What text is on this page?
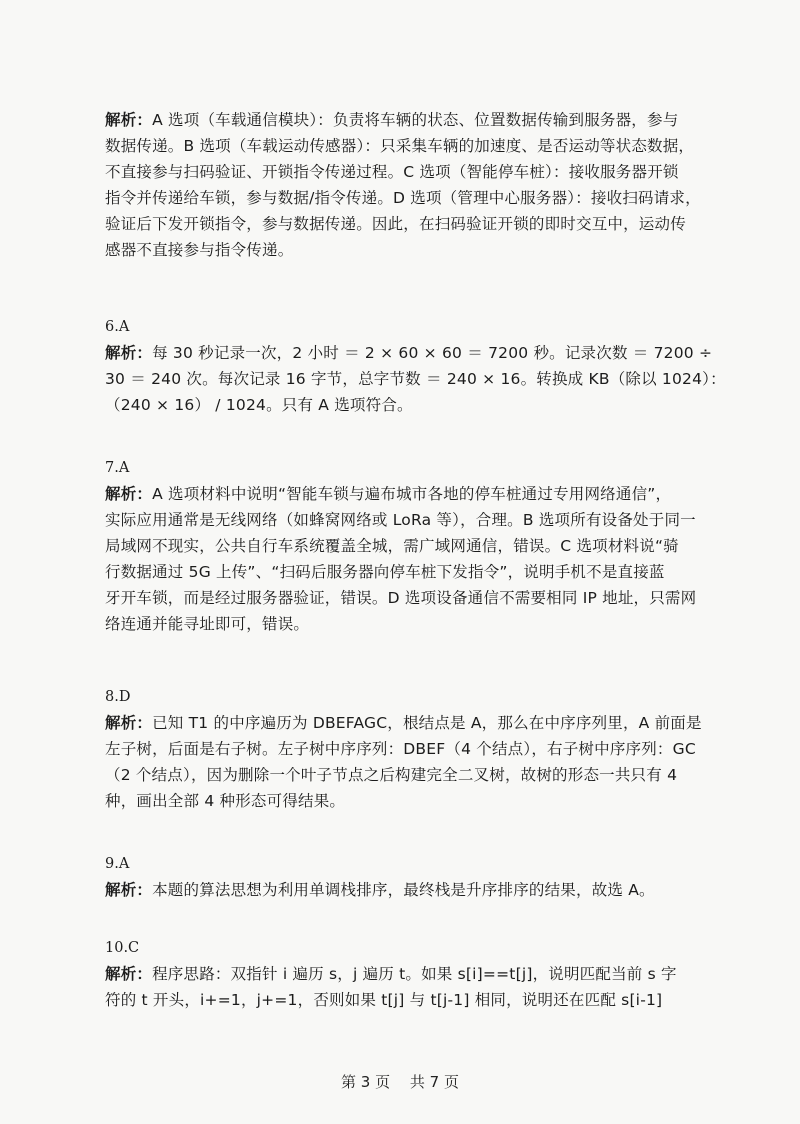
解析：A 选项（车载通信模块）：负责将车辆的状态、位置数据传输到服务器，参与
数据传递。B 选项（车载运动传感器）：只采集车辆的加速度、是否运动等状态数据，
不直接参与扫码验证、开锁指令传递过程。C 选项（智能停车桩）：接收服务器开锁
指令并传递给车锁，参与数据/指令传递。D 选项（管理中心服务器）：接收扫码请求，
验证后下发开锁指令，参与数据传递。因此，在扫码验证开锁的即时交互中，运动传
感器不直接参与指令传递。
6.A
解析：每 30 秒记录一次，2 小时 ＝ 2 × 60 × 60 ＝ 7200 秒。记录次数 ＝ 7200 ÷
30 ＝ 240 次。每次记录 16 字节，总字节数 ＝ 240 × 16。转换成 KB（除以 1024）：
（240 × 16） / 1024。只有 A 选项符合。
7.A
解析：A 选项材料中说明“智能车锁与遍布城市各地的停车桩通过专用网络通信”，
实际应用通常是无线网络（如蜂窝网络或 LoRa 等），合理。B 选项所有设备处于同一
局域网不现实，公共自行车系统覆盖全城，需广域网通信，错误。C 选项材料说“骑
行数据通过 5G 上传”、“扫码后服务器向停车桩下发指令”，说明手机不是直接蓝
牙开车锁，而是经过服务器验证，错误。D 选项设备通信不需要相同 IP 地址，只需网
络连通并能寻址即可，错误。
8.D
解析：已知 T1 的中序遍历为 DBEFAGC，根结点是 A，那么在中序序列里，A 前面是
左子树，后面是右子树。左子树中序序列：DBEF（4 个结点），右子树中序序列：GC
（2 个结点），因为删除一个叶子节点之后构建完全二叉树，故树的形态一共只有 4
种，画出全部 4 种形态可得结果。
9.A
解析：本题的算法思想为利用单调栈排序，最终栈是升序排序的结果，故选 A。
10.C
解析：程序思路：双指针 i 遍历 s，j 遍历 t。如果 s[i]==t[j]，说明匹配当前 s 字
符的 t 开头，i+=1，j+=1，否则如果 t[j] 与 t[j-1] 相同，说明还在匹配 s[i-1]
第 3 页　 共 7 页
